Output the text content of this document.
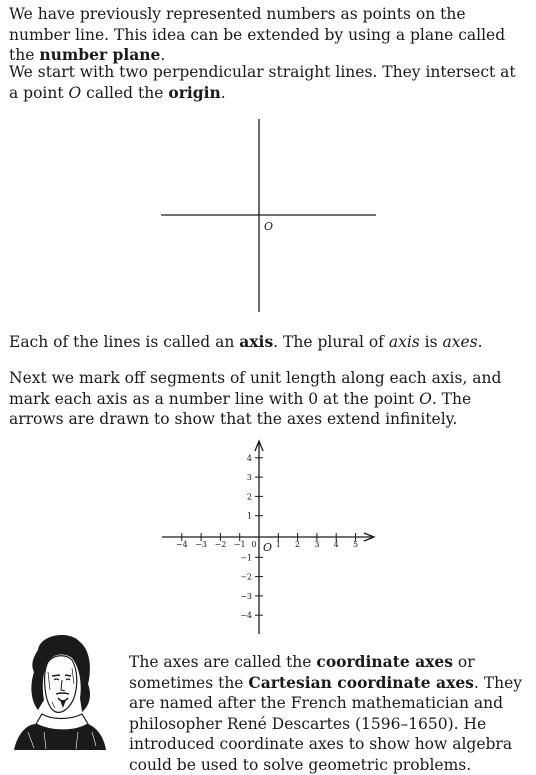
We have previously represented numbers as points on the number line. This idea can be extended by using a plane called the number plane.

We start with two perpendicular straight lines. They intersect at a point O called the origin.

O

Each of the lines is called an axis. The plural of axis is axes.

Next we mark off segments of unit length along each axis, and mark each axis as a number line with 0 at the point O. The arrows are drawn to show that the axes extend infinitely.

−4 −3 −2 −1 0 1 2 3 4 5
4
3
2
1
−1
−2
−3
−4
O

The axes are called the coordinate axes or sometimes the Cartesian coordinate axes. They are named after the French mathematician and philosopher René Descartes (1596–1650). He introduced coordinate axes to show how algebra could be used to solve geometric problems.
